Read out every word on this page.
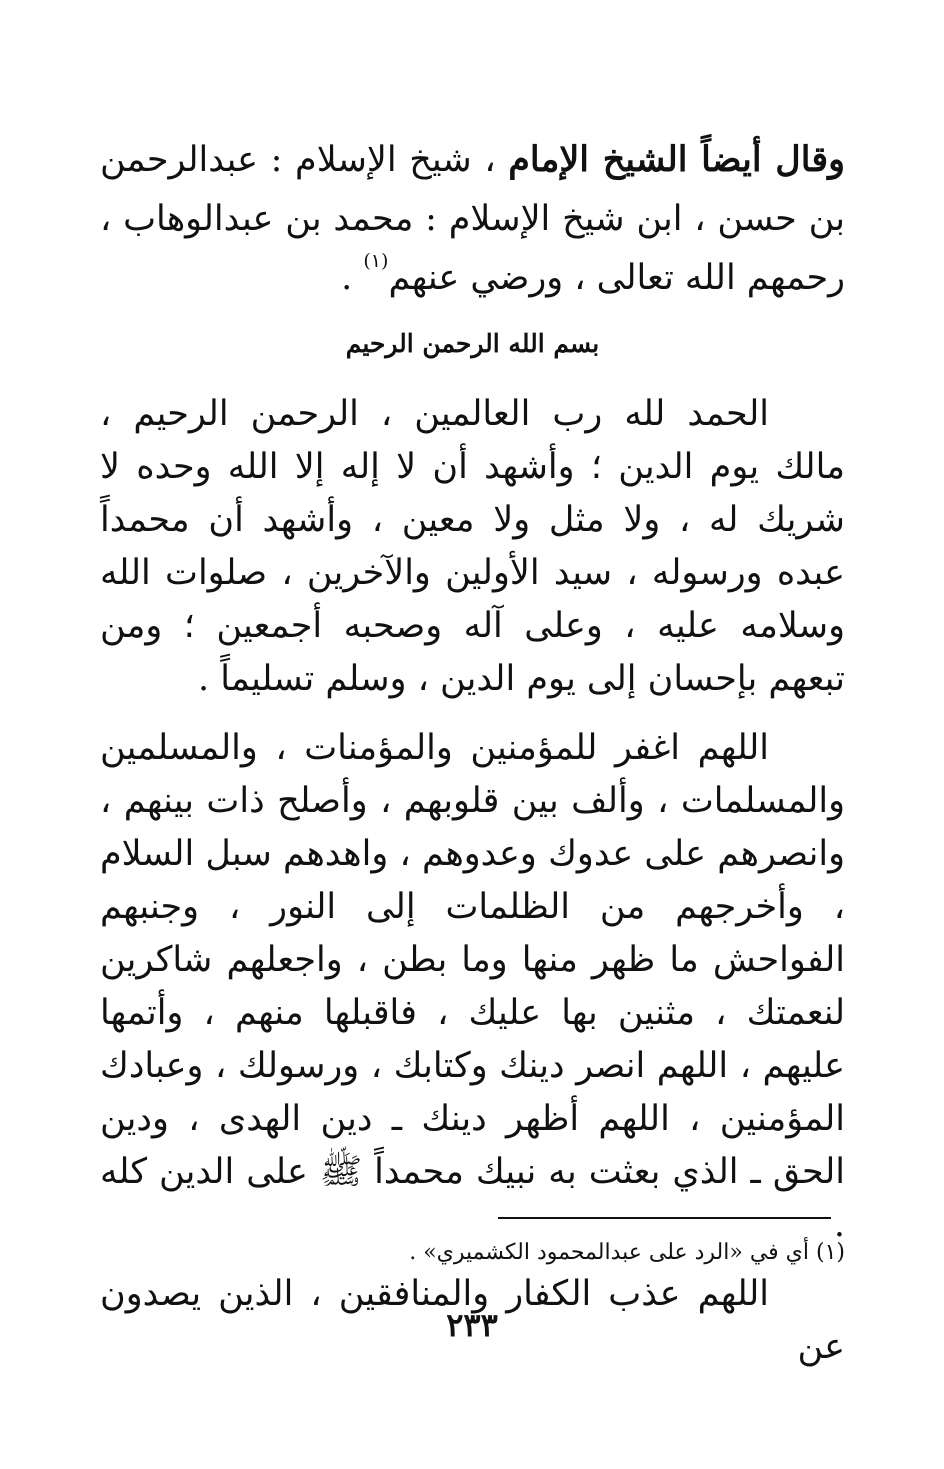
وقال أيضاً الشيخ الإمام ، شيخ الإسلام : عبدالرحمن بن حسن ، ابن شيخ الإسلام : محمد بن عبدالوهاب ، رحمهم الله تعالى ، ورضي عنهم$^{(١)}$ .
بسم الله الرحمن الرحيم

الحمد لله رب العالمين ، الرحمن الرحيم ، مالك يوم الدين ؛ وأشهد أن لا إله إلا الله وحده لا شريك له ، ولا مثل ولا معين ، وأشهد أن محمداً عبده ورسوله ، سيد الأولين والآخرين ، صلوات الله وسلامه عليه ، وعلى آله وصحبه أجمعين ؛ ومن تبعهم بإحسان إلى يوم الدين ، وسلم تسليماً .

اللهم اغفر للمؤمنين والمؤمنات ، والمسلمين والمسلمات ، وألف بين قلوبهم ، وأصلح ذات بينهم ، وانصرهم على عدوك وعدوهم ، واهدهم سبل السلام ، وأخرجهم من الظلمات إلى النور ، وجنبهم الفواحش ما ظهر منها وما بطن ، واجعلهم شاكرين لنعمتك ، مثنين بها عليك ، فاقبلها منهم ، وأتمها عليهم ، اللهم انصر دينك وكتابك ، ورسولك ، وعبادك المؤمنين ، اللهم أظهر دينك ـ دين الهدى ، ودين الحق ـ الذي بعثت به نبيك محمداً ﷺ على الدين كله .

اللهم عذب الكفار والمنافقين ، الذين يصدون عن

(١) أي في «الرد على عبدالمحمود الكشميري» .
٢٣٣
